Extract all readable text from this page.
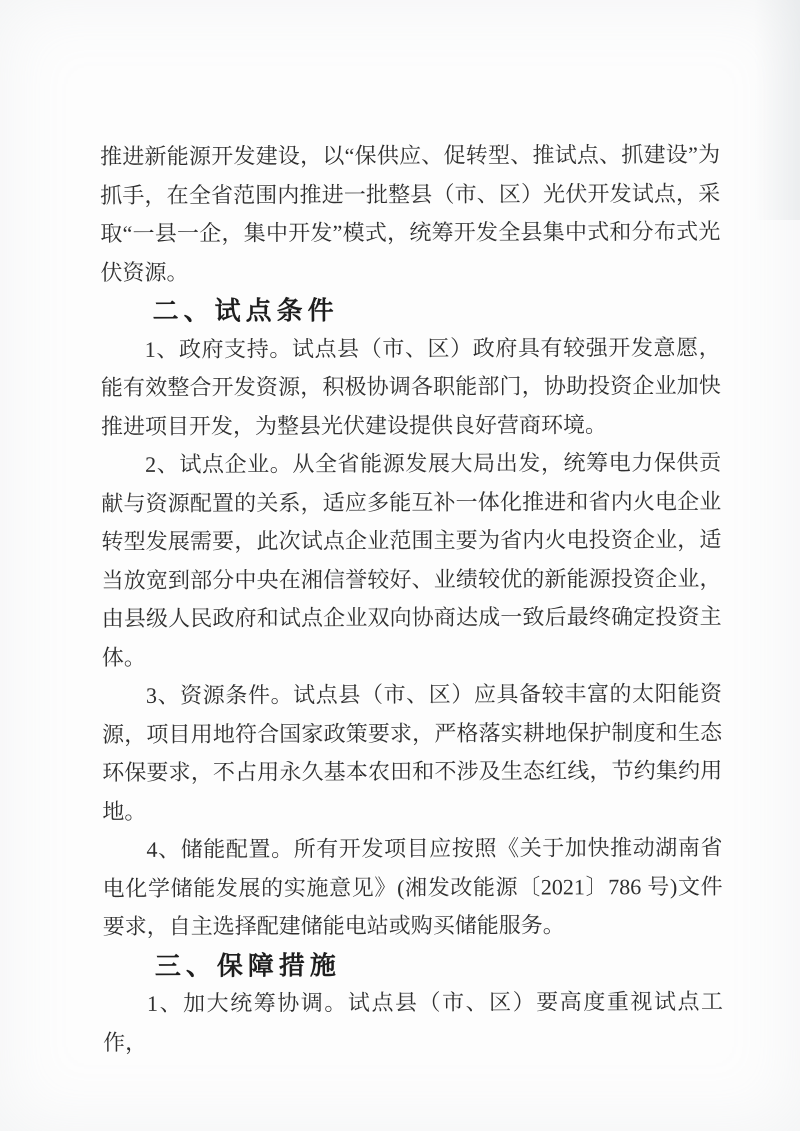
推进新能源开发建设，以“保供应、促转型、推试点、抓建设”为抓手，在全省范围内推进一批整县（市、区）光伏开发试点，采取“一县一企，集中开发”模式，统筹开发全县集中式和分布式光伏资源。

二、试点条件

1、政府支持。试点县（市、区）政府具有较强开发意愿，能有效整合开发资源，积极协调各职能部门，协助投资企业加快推进项目开发，为整县光伏建设提供良好营商环境。

2、试点企业。从全省能源发展大局出发，统筹电力保供贡献与资源配置的关系，适应多能互补一体化推进和省内火电企业转型发展需要，此次试点企业范围主要为省内火电投资企业，适当放宽到部分中央在湘信誉较好、业绩较优的新能源投资企业，由县级人民政府和试点企业双向协商达成一致后最终确定投资主体。

3、资源条件。试点县（市、区）应具备较丰富的太阳能资源，项目用地符合国家政策要求，严格落实耕地保护制度和生态环保要求，不占用永久基本农田和不涉及生态红线，节约集约用地。

4、储能配置。所有开发项目应按照《关于加快推动湖南省电化学储能发展的实施意见》(湘发改能源〔2021〕786 号)文件要求，自主选择配建储能电站或购买储能服务。

三、保障措施

1、加大统筹协调。试点县（市、区）要高度重视试点工作，
